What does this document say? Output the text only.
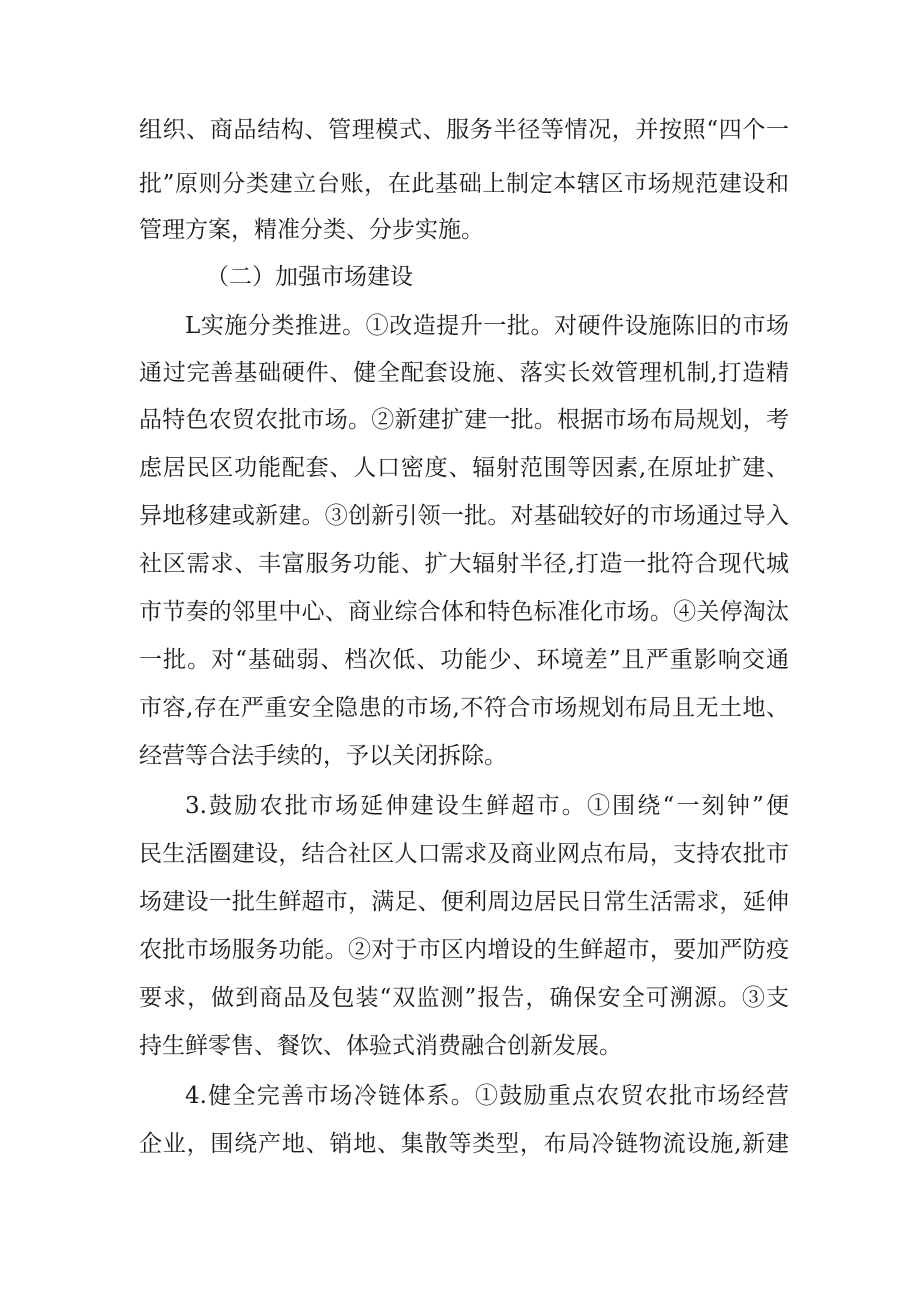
组织、商品结构、管理模式、服务半径等情况，并按照“四个一
批”原则分类建立台账，在此基础上制定本辖区市场规范建设和
管理方案，精准分类、分步实施。
（二）加强市场建设
L实施分类推进。①改造提升一批。对硬件设施陈旧的市场
通过完善基础硬件、健全配套设施、落实长效管理机制,打造精
品特色农贸农批市场。②新建扩建一批。根据市场布局规划，考
虑居民区功能配套、人口密度、辐射范围等因素,在原址扩建、
异地移建或新建。③创新引领一批。对基础较好的市场通过导入
社区需求、丰富服务功能、扩大辐射半径,打造一批符合现代城
市节奏的邻里中心、商业综合体和特色标准化市场。④关停淘汰
一批。对“基础弱、档次低、功能少、环境差”且严重影响交通
市容,存在严重安全隐患的市场,不符合市场规划布局且无土地、
经营等合法手续的，予以关闭拆除。
3.鼓励农批市场延伸建设生鲜超市。①围绕“一刻钟”便
民生活圈建设，结合社区人口需求及商业网点布局，支持农批市
场建设一批生鲜超市，满足、便利周边居民日常生活需求，延伸
农批市场服务功能。②对于市区内增设的生鲜超市，要加严防疫
要求，做到商品及包装“双监测”报告，确保安全可溯源。③支
持生鲜零售、餐饮、体验式消费融合创新发展。
4.健全完善市场冷链体系。①鼓励重点农贸农批市场经营
企业，围绕产地、销地、集散等类型，布局冷链物流设施,新建
